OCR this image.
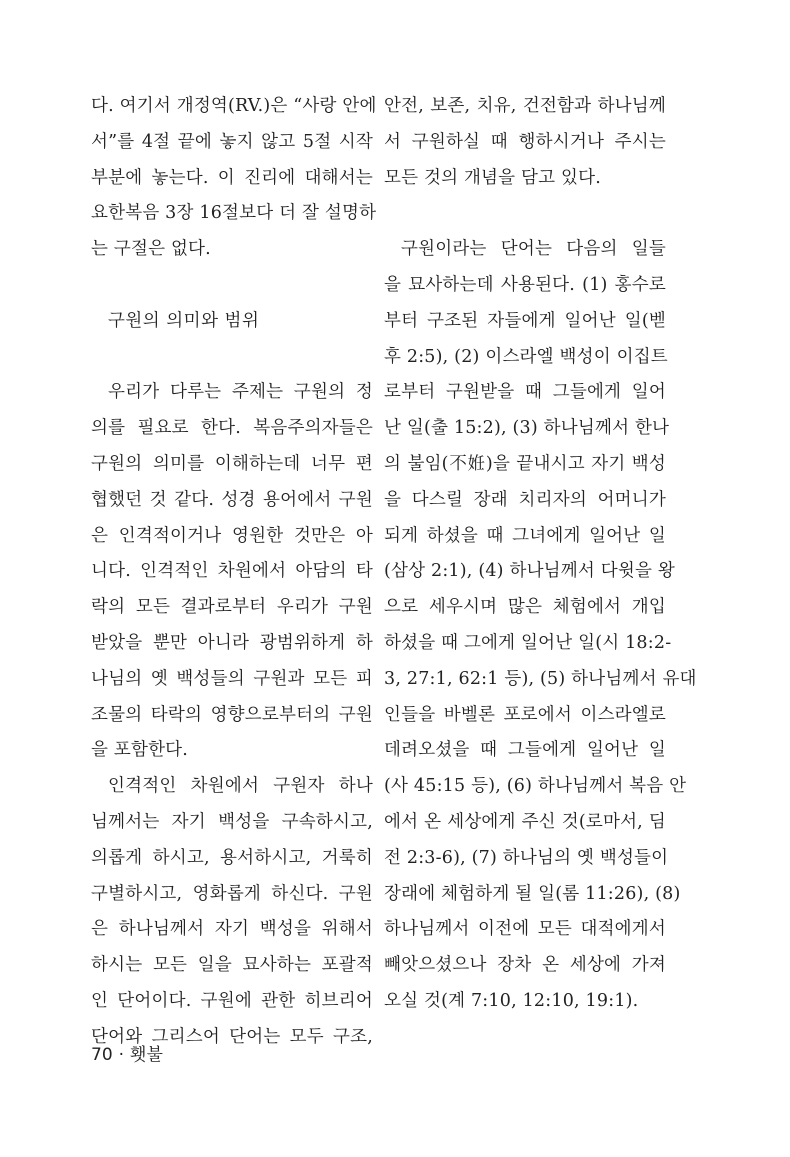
다. 여기서 개정역(RV.)은 “사랑 안에
서”를 4절 끝에 놓지 않고 5절 시작
부분에 놓는다. 이 진리에 대해서는
요한복음 3장 16절보다 더 잘 설명하
는 구절은 없다.
구원의 의미와 범위
우리가 다루는 주제는 구원의 정
의를 필요로 한다. 복음주의자들은
구원의 의미를 이해하는데 너무 편
협했던 것 같다. 성경 용어에서 구원
은 인격적이거나 영원한 것만은 아
니다. 인격적인 차원에서 아담의 타
락의 모든 결과로부터 우리가 구원
받았을 뿐만 아니라 광범위하게 하
나님의 옛 백성들의 구원과 모든 피
조물의 타락의 영향으로부터의 구원
을 포함한다.
인격적인 차원에서 구원자 하나
님께서는 자기 백성을 구속하시고,
의롭게 하시고, 용서하시고, 거룩히
구별하시고, 영화롭게 하신다. 구원
은 하나님께서 자기 백성을 위해서
하시는 모든 일을 묘사하는 포괄적
인 단어이다. 구원에 관한 히브리어
단어와 그리스어 단어는 모두 구조,
안전, 보존, 치유, 건전함과 하나님께
서 구원하실 때 행하시거나 주시는
모든 것의 개념을 담고 있다.
구원이라는 단어는 다음의 일들
을 묘사하는데 사용된다. (1) 홍수로
부터 구조된 자들에게 일어난 일(벧
후 2:5), (2) 이스라엘 백성이 이집트
로부터 구원받을 때 그들에게 일어
난 일(출 15:2), (3) 하나님께서 한나
의 불임(不姙)을 끝내시고 자기 백성
을 다스릴 장래 치리자의 어머니가
되게 하셨을 때 그녀에게 일어난 일
(삼상 2:1), (4) 하나님께서 다윗을 왕
으로 세우시며 많은 체험에서 개입
하셨을 때 그에게 일어난 일(시 18:2-
3, 27:1, 62:1 등), (5) 하나님께서 유대
인들을 바벨론 포로에서 이스라엘로
데려오셨을 때 그들에게 일어난 일
(사 45:15 등), (6) 하나님께서 복음 안
에서 온 세상에게 주신 것(로마서, 딤
전 2:3-6), (7) 하나님의 옛 백성들이
장래에 체험하게 될 일(롬 11:26), (8)
하나님께서 이전에 모든 대적에게서
빼앗으셨으나 장차 온 세상에 가져
오실 것(계 7:10, 12:10, 19:1).
70 · 횃불
